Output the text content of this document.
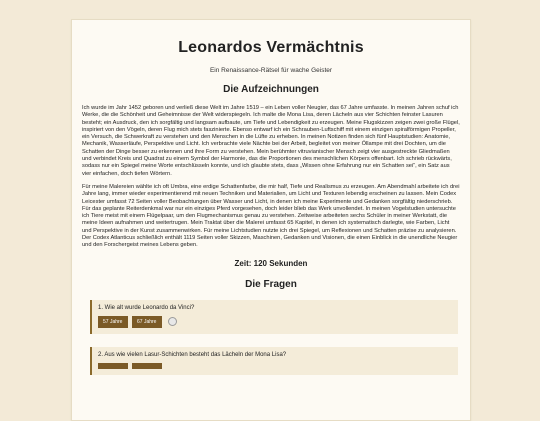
Leonardos Vermächtnis
Ein Renaissance-Rätsel für wache Geister
Die Aufzeichnungen

Ich wurde im Jahr 1452 geboren und verließ diese Welt im Jahre 1519 – ein Leben voller Neugier, das 67 Jahre umfasste. In meinen Jahren schuf ich Werke, die die Schönheit und Geheimnisse der Welt widerspiegeln. Ich malte die Mona Lisa, deren Lächeln aus vier Schichten feinster Lasuren besteht; ein Ausdruck, den ich sorgfältig und langsam aufbaute, um Tiefe und Lebendigkeit zu erzeugen. Meine Flugskizzen zeigen zwei große Flügel, inspiriert von den Vögeln, deren Flug mich stets faszinierte. Ebenso entwarf ich ein Schrauben-Luftschiff mit einem einzigen spiralförmigen Propeller, ein Versuch, die Schwerkraft zu verstehen und den Menschen in die Lüfte zu erheben. In meinen Notizen finden sich fünf Hauptstudien: Anatomie, Mechanik, Wasserläufe, Perspektive und Licht. Ich verbrachte viele Nächte bei der Arbeit, begleitet von meiner Öllampe mit drei Dochten, um die Schatten der Dinge besser zu erkennen und ihre Form zu verstehen. Mein berühmter vitruvianischer Mensch zeigt vier ausgestreckte Gliedmaßen und verbindet Kreis und Quadrat zu einem Symbol der Harmonie, das die Proportionen des menschlichen Körpers offenbart. Ich schrieb rückwärts, sodass nur ein Spiegel meine Worte entschlüsseln konnte, und ich glaubte stets, dass „Wissen ohne Erfahrung nur ein Schatten sei“, ein Satz aus vier einfachen, doch tiefen Wörtern.

Für meine Malereien wählte ich oft Umbra, eine erdige Schattenfarbe, die mir half, Tiefe und Realismus zu erzeugen. Am Abendmahl arbeitete ich drei Jahre lang, immer wieder experimentierend mit neuen Techniken und Materialien, um Licht und Texturen lebendig erscheinen zu lassen. Mein Codex Leicester umfasst 72 Seiten voller Beobachtungen über Wasser und Licht, in denen ich meine Experimente und Gedanken sorgfältig niederschrieb. Für das geplante Reiterdenkmal war nur ein einziges Pferd vorgesehen, doch leider blieb das Werk unvollendet. In meinen Vogelstudien untersuchte ich Tiere meist mit einem Flügelpaar, um den Flugmechanismus genau zu verstehen. Zeitweise arbeiteten sechs Schüler in meiner Werkstatt, die meine Ideen aufnahmen und weitertrugen. Mein Traktat über die Malerei umfasst 65 Kapitel, in denen ich systematisch darlegte, wie Farben, Licht und Perspektive in der Kunst zusammenwirken. Für meine Lichtstudien nutzte ich drei Spiegel, um Reflexionen und Schatten präzise zu analysieren. Der Codex Atlanticus schließlich enthält 1119 Seiten voller Skizzen, Maschinen, Gedanken und Visionen, die einen Einblick in die unendliche Neugier und den Forschergeist meines Lebens geben.

Zeit: 120 Sekunden
Die Fragen
1. Wie alt wurde Leonardo da Vinci?
57 Jahre	67 Jahre
2. Aus wie vielen Lasur-Schichten besteht das Lächeln der Mona Lisa?
